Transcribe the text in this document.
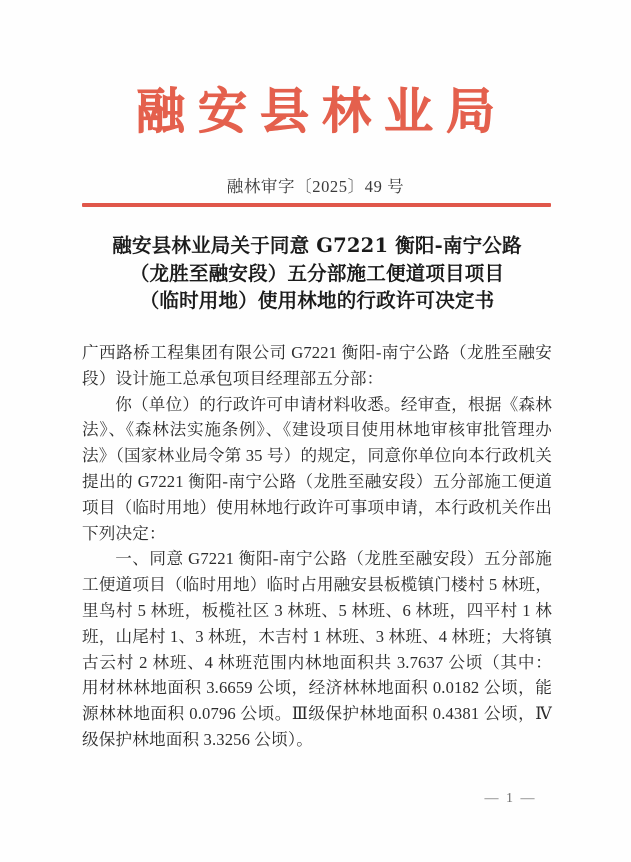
融安县林业局
融林审字〔2025〕49 号
融安县林业局关于同意 G7221 衡阳-南宁公路
（龙胜至融安段）五分部施工便道项目项目
（临时用地）使用林地的行政许可决定书

广西路桥工程集团有限公司 G7221 衡阳-南宁公路（龙胜至融安段）设计施工总承包项目经理部五分部：

你（单位）的行政许可申请材料收悉。经审查，根据《森林法》、《森林法实施条例》、《建设项目使用林地审核审批管理办法》（国家林业局令第 35 号）的规定，同意你单位向本行政机关提出的 G7221 衡阳-南宁公路（龙胜至融安段）五分部施工便道项目（临时用地）使用林地行政许可事项申请，本行政机关作出下列决定：

一、同意 G7221 衡阳-南宁公路（龙胜至融安段）五分部施工便道项目（临时用地）临时占用融安县板榄镇门楼村 5 林班，里鸟村 5 林班，板榄社区 3 林班、5 林班、6 林班，四平村 1 林班，山尾村 1、3 林班，木吉村 1 林班、3 林班、4 林班；大将镇古云村 2 林班、4 林班范围内林地面积共 3.7637 公顷（其中：用材林林地面积 3.6659 公顷，经济林林地面积 0.0182 公顷，能源林林地面积 0.0796 公顷。Ⅲ级保护林地面积 0.4381 公顷，Ⅳ级保护林地面积 3.3256 公顷）。

— 1 —
